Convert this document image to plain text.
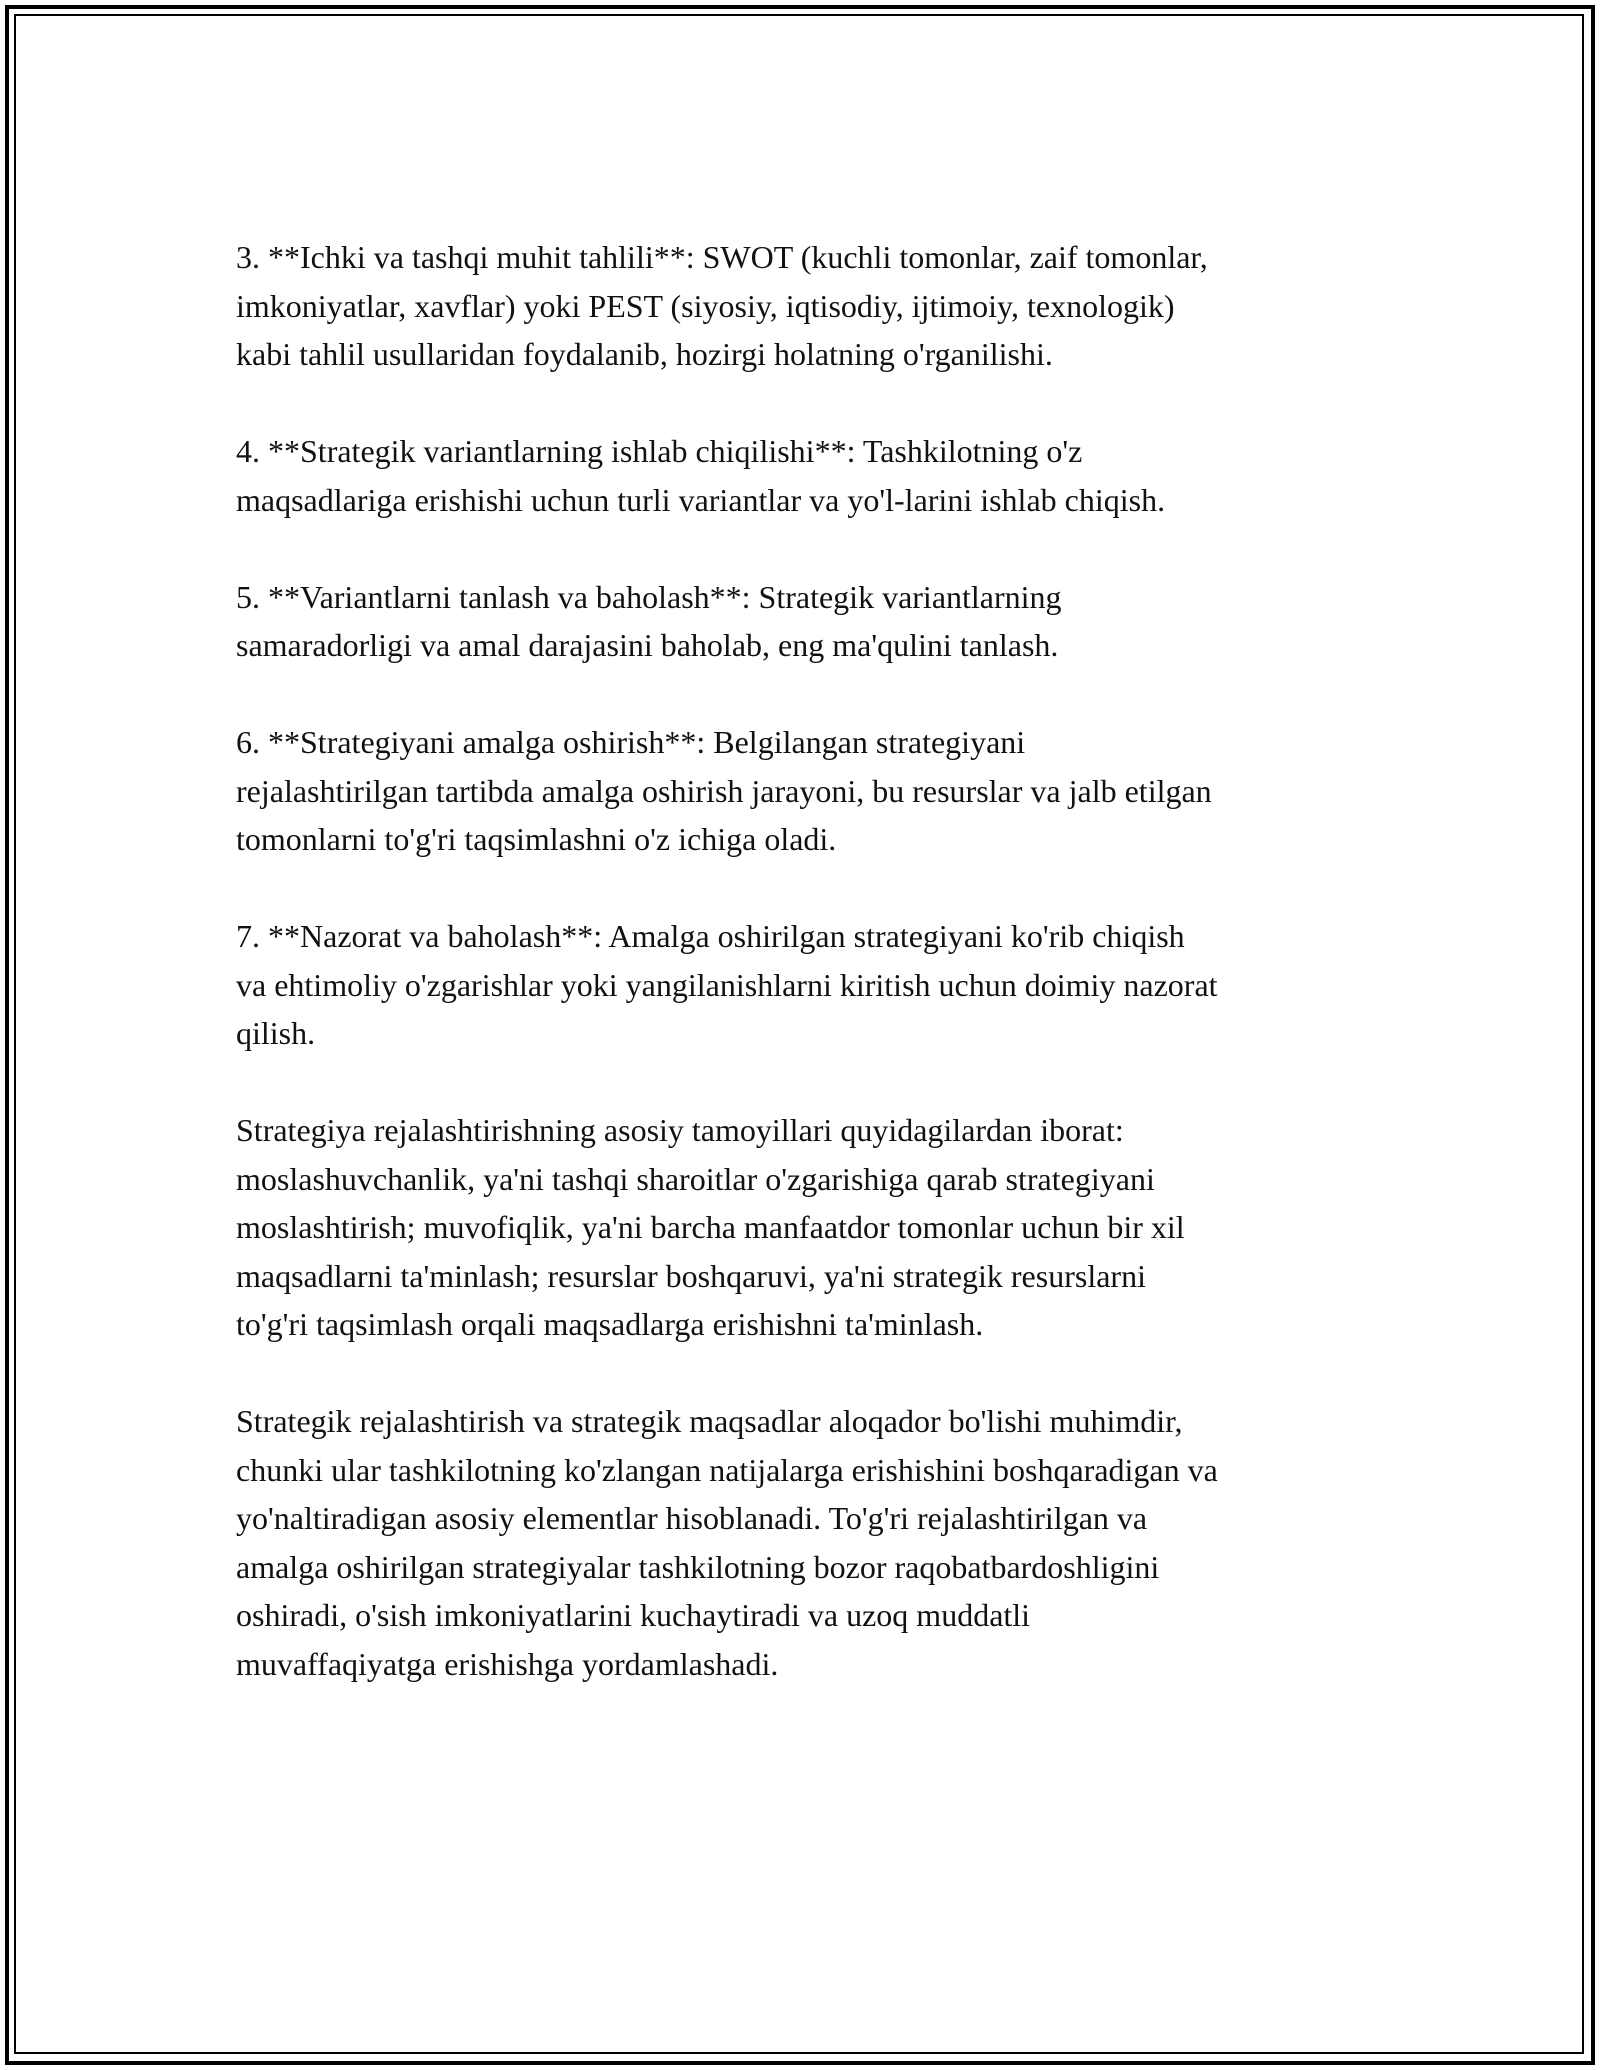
3. **Ichki va tashqi muhit tahlili**: SWOT (kuchli tomonlar, zaif tomonlar,
imkoniyatlar, xavflar) yoki PEST (siyosiy, iqtisodiy, ijtimoiy, texnologik)
kabi tahlil usullaridan foydalanib, hozirgi holatning o'rganilishi.

4. **Strategik variantlarning ishlab chiqilishi**: Tashkilotning o'z
maqsadlariga erishishi uchun turli variantlar va yo'l-larini ishlab chiqish.

5. **Variantlarni tanlash va baholash**: Strategik variantlarning
samaradorligi va amal darajasini baholab, eng ma'qulini tanlash.

6. **Strategiyani amalga oshirish**: Belgilangan strategiyani
rejalashtirilgan tartibda amalga oshirish jarayoni, bu resurslar va jalb etilgan
tomonlarni to'g'ri taqsimlashni o'z ichiga oladi.

7. **Nazorat va baholash**: Amalga oshirilgan strategiyani ko'rib chiqish
va ehtimoliy o'zgarishlar yoki yangilanishlarni kiritish uchun doimiy nazorat
qilish.

Strategiya rejalashtirishning asosiy tamoyillari quyidagilardan iborat:
moslashuvchanlik, ya'ni tashqi sharoitlar o'zgarishiga qarab strategiyani
moslashtirish; muvofiqlik, ya'ni barcha manfaatdor tomonlar uchun bir xil
maqsadlarni ta'minlash; resurslar boshqaruvi, ya'ni strategik resurslarni
to'g'ri taqsimlash orqali maqsadlarga erishishni ta'minlash.

Strategik rejalashtirish va strategik maqsadlar aloqador bo'lishi muhimdir,
chunki ular tashkilotning ko'zlangan natijalarga erishishini boshqaradigan va
yo'naltiradigan asosiy elementlar hisoblanadi. To'g'ri rejalashtirilgan va
amalga oshirilgan strategiyalar tashkilotning bozor raqobatbardoshligini
oshiradi, o'sish imkoniyatlarini kuchaytiradi va uzoq muddatli
muvaffaqiyatga erishishga yordamlashadi.
